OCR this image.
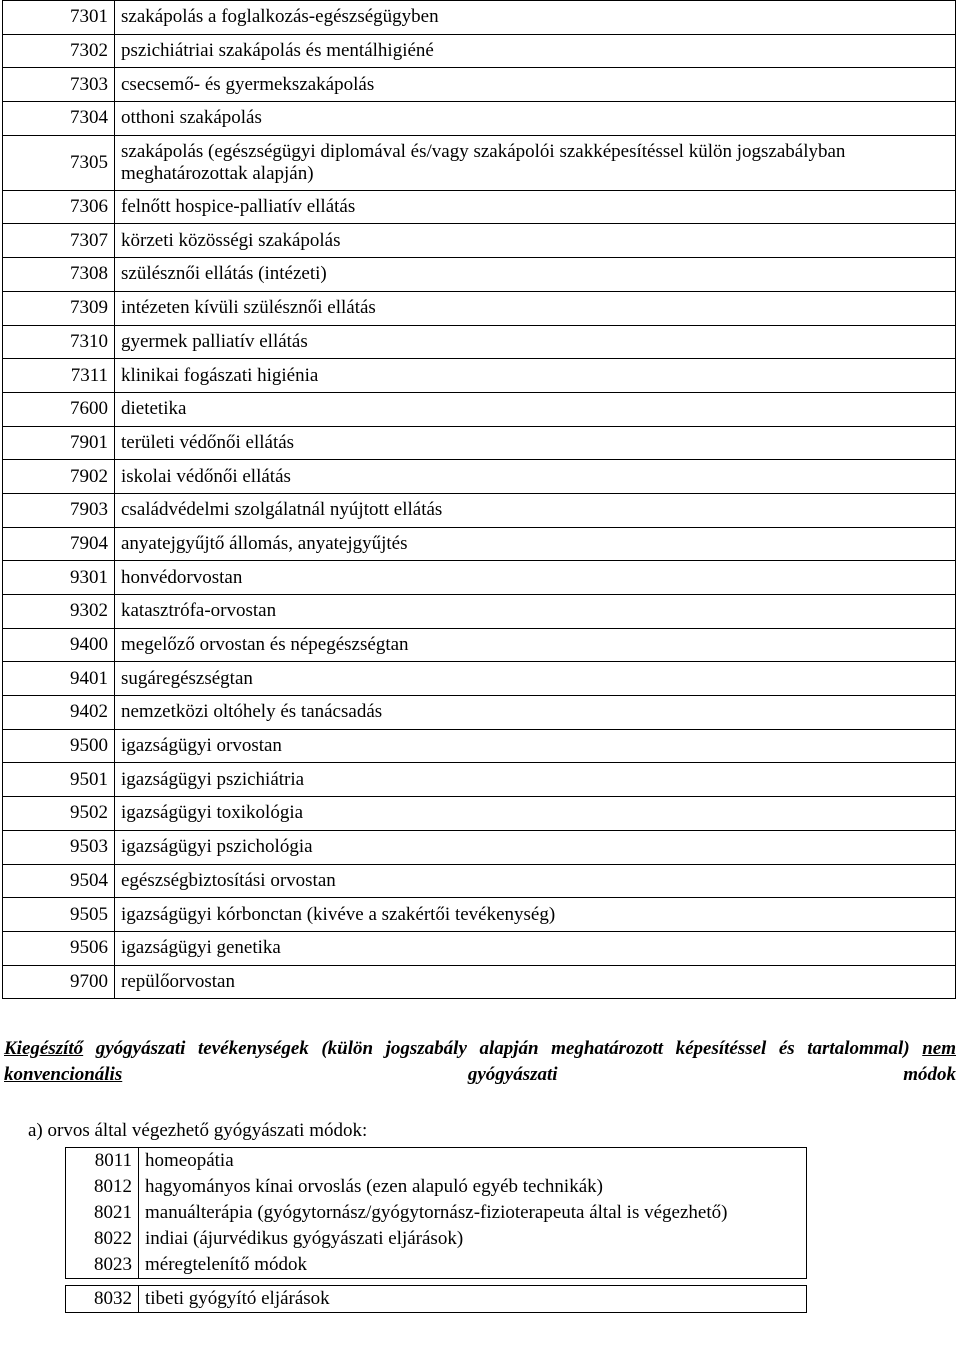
7301	szakápolás a foglalkozás-egészségügyben
7302	pszichiátriai szakápolás és mentálhigiéné
7303	csecsemő- és gyermekszakápolás
7304	otthoni szakápolás
7305	szakápolás (egészségügyi diplomával és/vagy szakápolói szakképesítéssel külön jogszabályban meghatározottak alapján)
7306	felnőtt hospice-palliatív ellátás
7307	körzeti közösségi szakápolás
7308	szülésznői ellátás (intézeti)
7309	intézeten kívüli szülésznői ellátás
7310	gyermek palliatív ellátás
7311	klinikai fogászati higiénia
7600	dietetika
7901	területi védőnői ellátás
7902	iskolai védőnői ellátás
7903	családvédelmi szolgálatnál nyújtott ellátás
7904	anyatejgyűjtő állomás, anyatejgyűjtés
9301	honvédorvostan
9302	katasztrófa-orvostan
9400	megelőző orvostan és népegészségtan
9401	sugáregészségtan
9402	nemzetközi oltóhely és tanácsadás
9500	igazságügyi orvostan
9501	igazságügyi pszichiátria
9502	igazságügyi toxikológia
9503	igazságügyi pszichológia
9504	egészségbiztosítási orvostan
9505	igazságügyi kórbonctan (kivéve a szakértői tevékenység)
9506	igazságügyi genetika
9700	repülőorvostan
Kiegészítő gyógyászati tevékenységek (külön jogszabály alapján meghatározott képesítéssel és tartalommal) nem konvencionális gyógyászati módok
a) orvos által végezhető gyógyászati módok:
8011	homeopátia
8012	hagyományos kínai orvoslás (ezen alapuló egyéb technikák)
8021	manuálterápia (gyógytornász/gyógytornász-fizioterapeuta által is végezhető)
8022	indiai (ájurvédikus gyógyászati eljárások)
8023	méregtelenítő módok

8032	tibeti gyógyító eljárások
